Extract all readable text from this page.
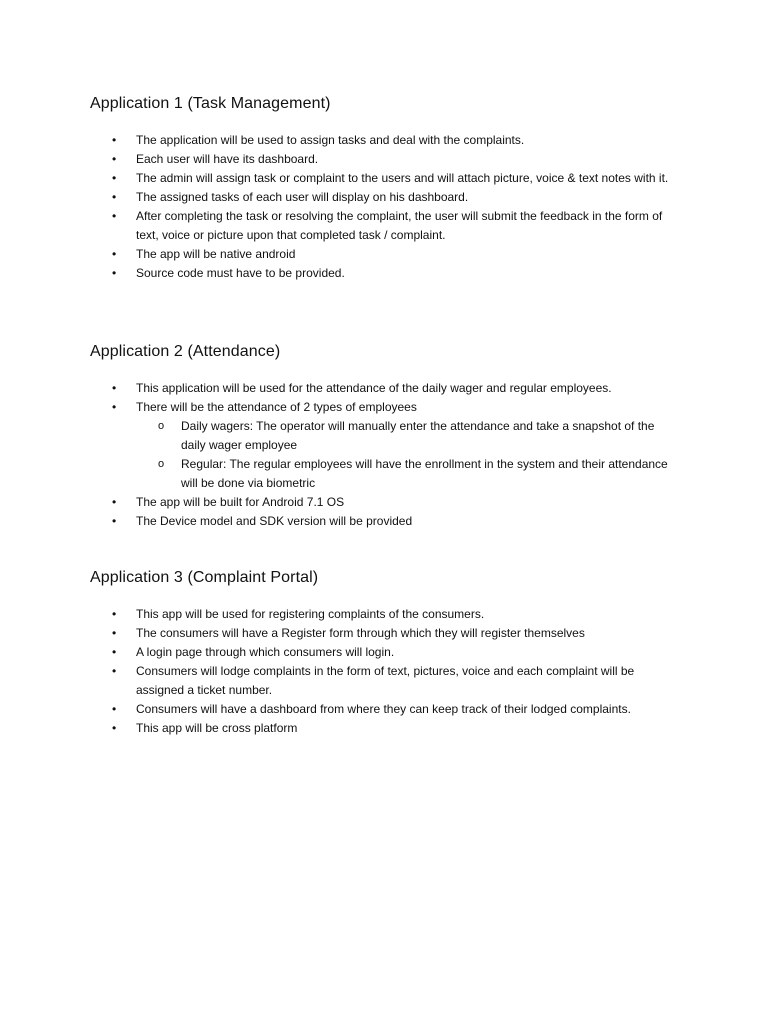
Application 1 (Task Management)
• The application will be used to assign tasks and deal with the complaints.
• Each user will have its dashboard.
• The admin will assign task or complaint to the users and will attach picture, voice & text notes with it.
• The assigned tasks of each user will display on his dashboard.
• After completing the task or resolving the complaint, the user will submit the feedback in the form of text, voice or picture upon that completed task / complaint.
• The app will be native android
• Source code must have to be provided.
Application 2 (Attendance)
• This application will be used for the attendance of the daily wager and regular employees.
• There will be the attendance of 2 types of employees
o Daily wagers: The operator will manually enter the attendance and take a snapshot of the daily wager employee
o Regular: The regular employees will have the enrollment in the system and their attendance will be done via biometric
• The app will be built for Android 7.1 OS
• The Device model and SDK version will be provided
Application 3 (Complaint Portal)
• This app will be used for registering complaints of the consumers.
• The consumers will have a Register form through which they will register themselves
• A login page through which consumers will login.
• Consumers will lodge complaints in the form of text, pictures, voice and each complaint will be assigned a ticket number.
• Consumers will have a dashboard from where they can keep track of their lodged complaints.
• This app will be cross platform
